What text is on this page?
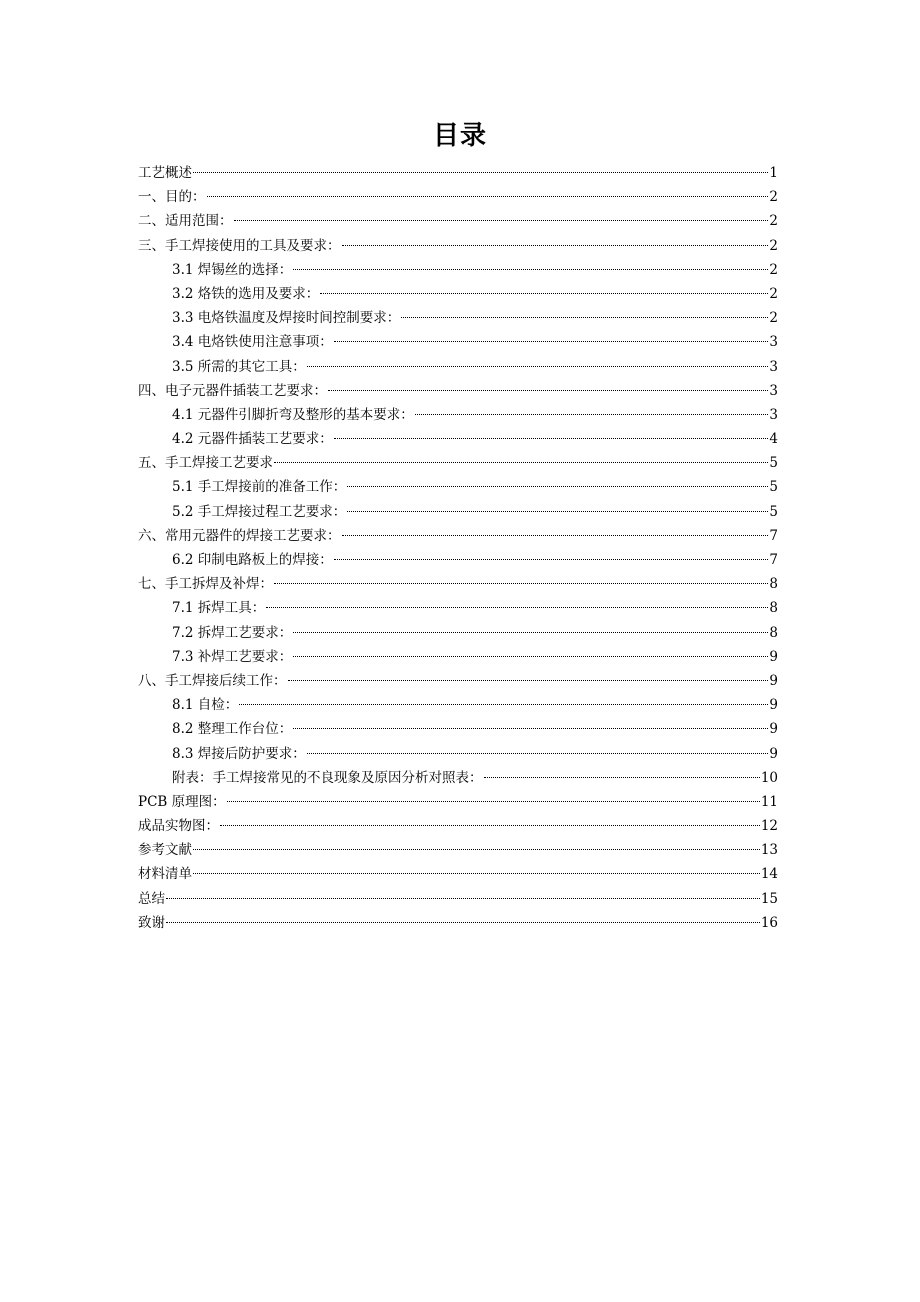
目录
工艺概述	1
一、目的：	2
二、适用范围：	2
三、手工焊接使用的工具及要求：	2
3.1 焊锡丝的选择：	2
3.2 烙铁的选用及要求：	2
3.3 电烙铁温度及焊接时间控制要求：	2
3.4 电烙铁使用注意事项：	3
3.5 所需的其它工具：	3
四、电子元器件插装工艺要求：	3
4.1 元器件引脚折弯及整形的基本要求：	3
4.2 元器件插装工艺要求：	4
五、手工焊接工艺要求	5
5.1 手工焊接前的准备工作：	5
5.2 手工焊接过程工艺要求：	5
六、常用元器件的焊接工艺要求：	7
6.2 印制电路板上的焊接：	7
七、手工拆焊及补焊：	8
7.1 拆焊工具：	8
7.2 拆焊工艺要求：	8
7.3 补焊工艺要求：	9
八、手工焊接后续工作：	9
8.1 自检：	9
8.2 整理工作台位：	9
8.3 焊接后防护要求：	9
附表：手工焊接常见的不良现象及原因分析对照表：	10
PCB 原理图：	11
成品实物图：	12
参考文献	13
材料清单	14
总结	15
致谢	16
